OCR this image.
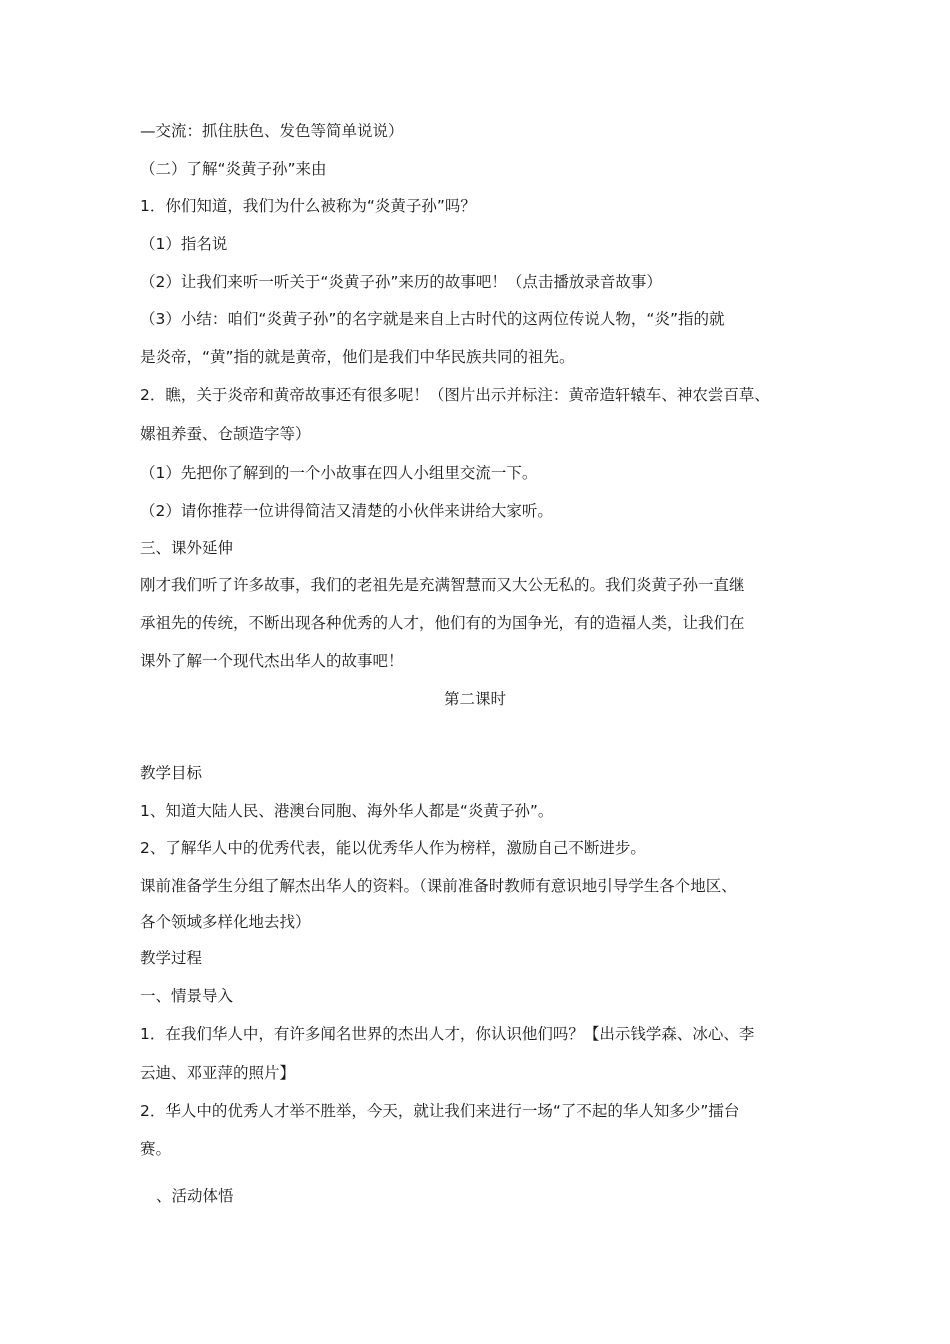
—交流：抓住肤色、发色等简单说说）
（二）了解“炎黄子孙”来由
1．你们知道，我们为什么被称为“炎黄子孙”吗？
（1）指名说
（2）让我们来听一听关于“炎黄子孙”来历的故事吧！（点击播放录音故事）
（3）小结：咱们“炎黄子孙”的名字就是来自上古时代的这两位传说人物，“炎”指的就
是炎帝，“黄”指的就是黄帝，他们是我们中华民族共同的祖先。
2．瞧，关于炎帝和黄帝故事还有很多呢！（图片出示并标注：黄帝造轩辕车、神农尝百草、
嫘祖养蚕、仓颉造字等）
（1）先把你了解到的一个小故事在四人小组里交流一下。
（2）请你推荐一位讲得简洁又清楚的小伙伴来讲给大家听。
三、课外延伸
刚才我们听了许多故事，我们的老祖先是充满智慧而又大公无私的。我们炎黄子孙一直继
承祖先的传统，不断出现各种优秀的人才，他们有的为国争光，有的造福人类，让我们在
课外了解一个现代杰出华人的故事吧！
第二课时
教学目标
1、知道大陆人民、港澳台同胞、海外华人都是“炎黄子孙”。
2、了解华人中的优秀代表，能以优秀华人作为榜样，激励自己不断进步。
课前准备学生分组了解杰出华人的资料。（课前准备时教师有意识地引导学生各个地区、
各个领域多样化地去找）
教学过程
一、情景导入
1．在我们华人中，有许多闻名世界的杰出人才，你认识他们吗？【出示钱学森、冰心、李
云迪、邓亚萍的照片】
2．华人中的优秀人才举不胜举，今天，就让我们来进行一场“了不起的华人知多少”擂台
赛。
、活动体悟
